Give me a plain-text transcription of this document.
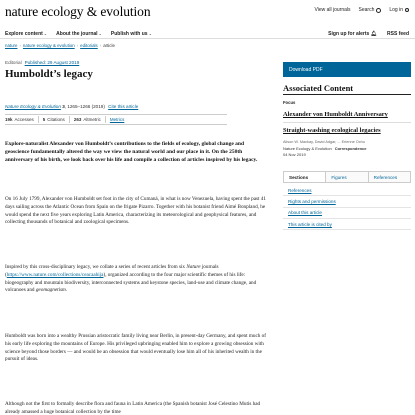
nature ecology & evolution	View all journals Search	Log in
Explore content⌄ About the journal⌄ Publish with us⌄	Sign up for alerts 🔔︎ RSS feed
nature › nature ecology & evolution › editorials › article
Editorial Published: 29 August 2019
Humboldt’s legacy
Nature Ecology & Evolution 3, 1265–1266 (2019) Cite this article
19k Accesses 5 Citations 263 Altmetric Metrics
Explore-naturalist Alexander von Humboldt’s contributions to the fields of ecology, global change and geoscience fundamentally altered the way we view the natural world and our place in it. On the 250th anniversary of his birth, we look back over his life and compile a collection of articles inspired by his legacy.
On 16 July 1799, Alexander von Humboldt set foot in the city of Cumaná, in what is now Venezuela, having spent the past 41 days sailing across the Atlantic Ocean from Spain on the frigate Pizarro. Together with his botanist friend Aimé Bonpland, he would spend the next five years exploring Latin America, characterizing its meteorological and geophysical features, and collecting thousands of botanical and zoological specimens.
Inspired by this cross-disciplinary legacy, we collate a series of recent articles from six Nature journals (https://www.nature.com/collections/ceacaahija), organized according to the four major scientific themes of his life: biogeography and mountain biodiversity, interconnected systems and keystone species, land-use and climate change, and volcanoes and geomagnetism.
Humboldt was born into a wealthy Prussian aristocratic family living near Berlin, in present-day Germany, and spent much of his early life exploring the mountains of Europe. His privileged upbringing enabled him to explore a growing obsession with science beyond those borders — and would be an obsession that would eventually lose him all of his inherited wealth in the pursuit of ideas.
Although not the first to formally describe flora and fauna in Latin America (the Spanish botanist José Celestino Mutis had already amassed a huge botanical collection by the time
Download PDF
Associated Content
Focus
Alexander von Humboldt Anniversary
Straight-washing ecological legacies
Alison W. Mackay, David Adgar, ... Erienne Ochu
Nature Ecology & Evolution Correspondence
04 Nov 2019
Sections	Figures	References
References
Rights and permissions
About this article
This article is cited by
